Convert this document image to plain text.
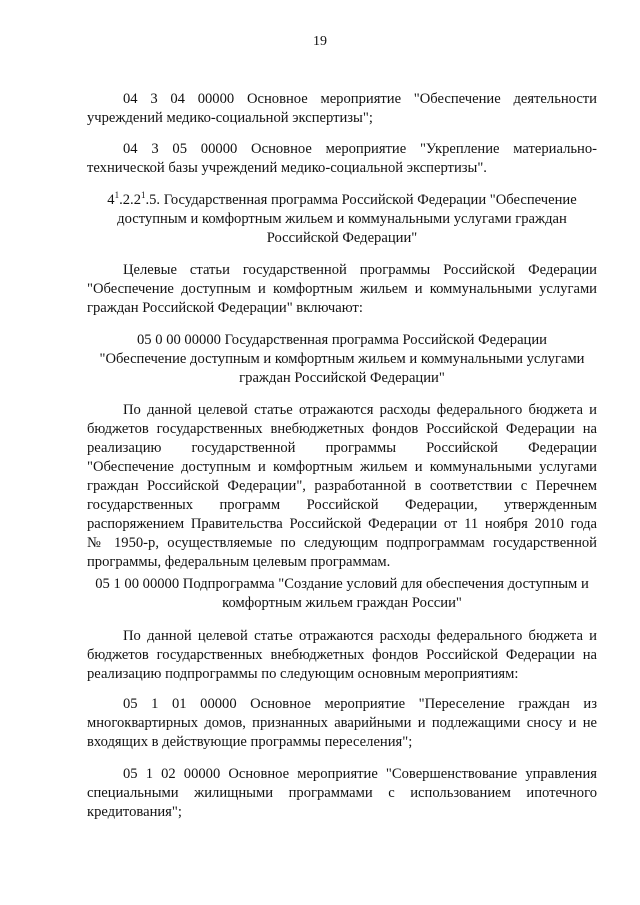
19
04 3 04 00000 Основное мероприятие "Обеспечение деятельности
учреждений медико-социальной экспертизы";
04 3 05 00000 Основное мероприятие "Укрепление материально-
технической базы учреждений медико-социальной экспертизы".
$4^1.2.2^1.5$. Государственная программа Российской Федерации "Обеспечение
доступным и комфортным жильем и коммунальными услугами граждан
Российской Федерации"
Целевые статьи государственной программы Российской Федерации
"Обеспечение доступным и комфортным жильем и коммунальными услугами
граждан Российской Федерации" включают:
05 0 00 00000 Государственная программа Российской Федерации
"Обеспечение доступным и комфортным жильем и коммунальными услугами
граждан Российской Федерации"
По данной целевой статье отражаются расходы федерального бюджета и
бюджетов государственных внебюджетных фондов Российской Федерации на
реализацию государственной программы Российской Федерации
"Обеспечение доступным и комфортным жильем и коммунальными услугами
граждан Российской Федерации", разработанной в соответствии с Перечнем
государственных программ Российской Федерации, утвержденным
распоряжением Правительства Российской Федерации от 11 ноября 2010 года
№ 1950-р, осуществляемые по следующим подпрограммам государственной
программы, федеральным целевым программам.
05 1 00 00000 Подпрограмма "Создание условий для обеспечения доступным и
комфортным жильем граждан России"
По данной целевой статье отражаются расходы федерального бюджета и
бюджетов государственных внебюджетных фондов Российской Федерации на
реализацию подпрограммы по следующим основным мероприятиям:
05 1 01 00000 Основное мероприятие "Переселение граждан из
многоквартирных домов, признанных аварийными и подлежащими сносу и не
входящих в действующие программы переселения";
05 1 02 00000 Основное мероприятие "Совершенствование управления
специальными жилищными программами с использованием ипотечного
кредитования";
